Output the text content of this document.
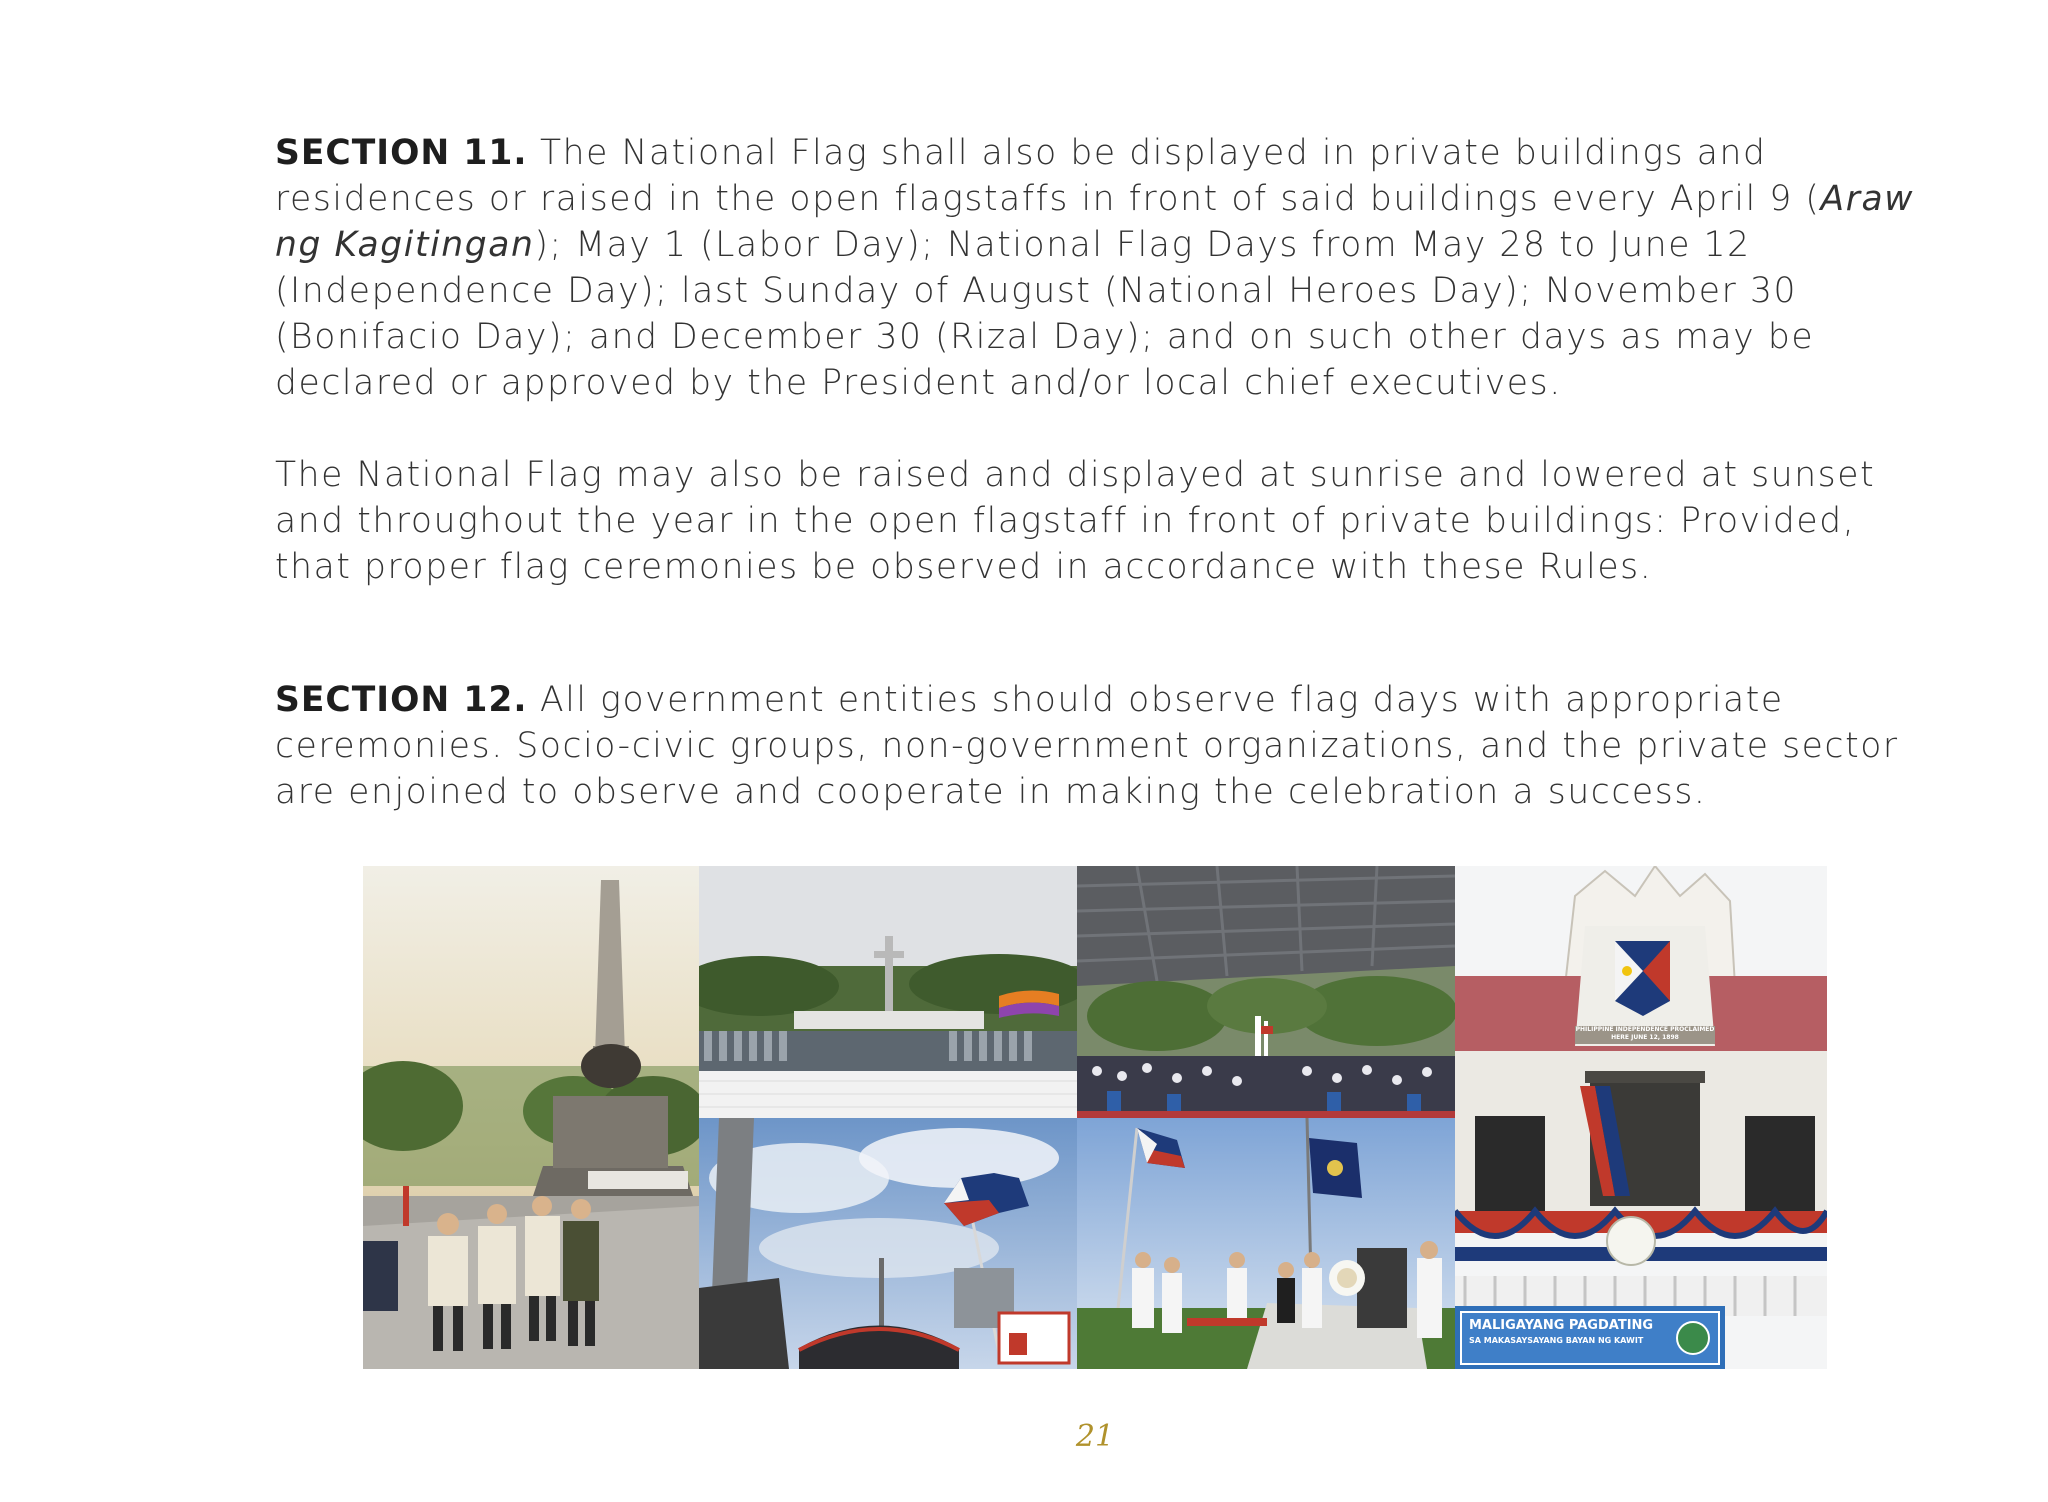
SECTION 11. The National Flag shall also be displayed in private buildings and residences or raised in the open flagstaffs in front of said buildings every April 9 (Araw ng Kagitingan); May 1 (Labor Day); National Flag Days from May 28 to June 12 (Independence Day); last Sunday of August (National Heroes Day); November 30 (Bonifacio Day); and December 30 (Rizal Day); and on such other days as may be declared or approved by the President and/or local chief executives.

The National Flag may also be raised and displayed at sunrise and lowered at sunset and throughout the year in the open flagstaff in front of private buildings: Provided, that proper flag ceremonies be observed in accordance with these Rules.

SECTION 12. All government entities should observe flag days with appropriate ceremonies. Socio-civic groups, non-government organizations, and the private sector are enjoined to observe and cooperate in making the celebration a success.

PHILIPPINE INDEPENDENCE PROCLAIMED HERE JUNE 12, 1898
MALIGAYANG PAGDATING
SA MAKASAYSAYANG BAYAN NG KAWIT
21
